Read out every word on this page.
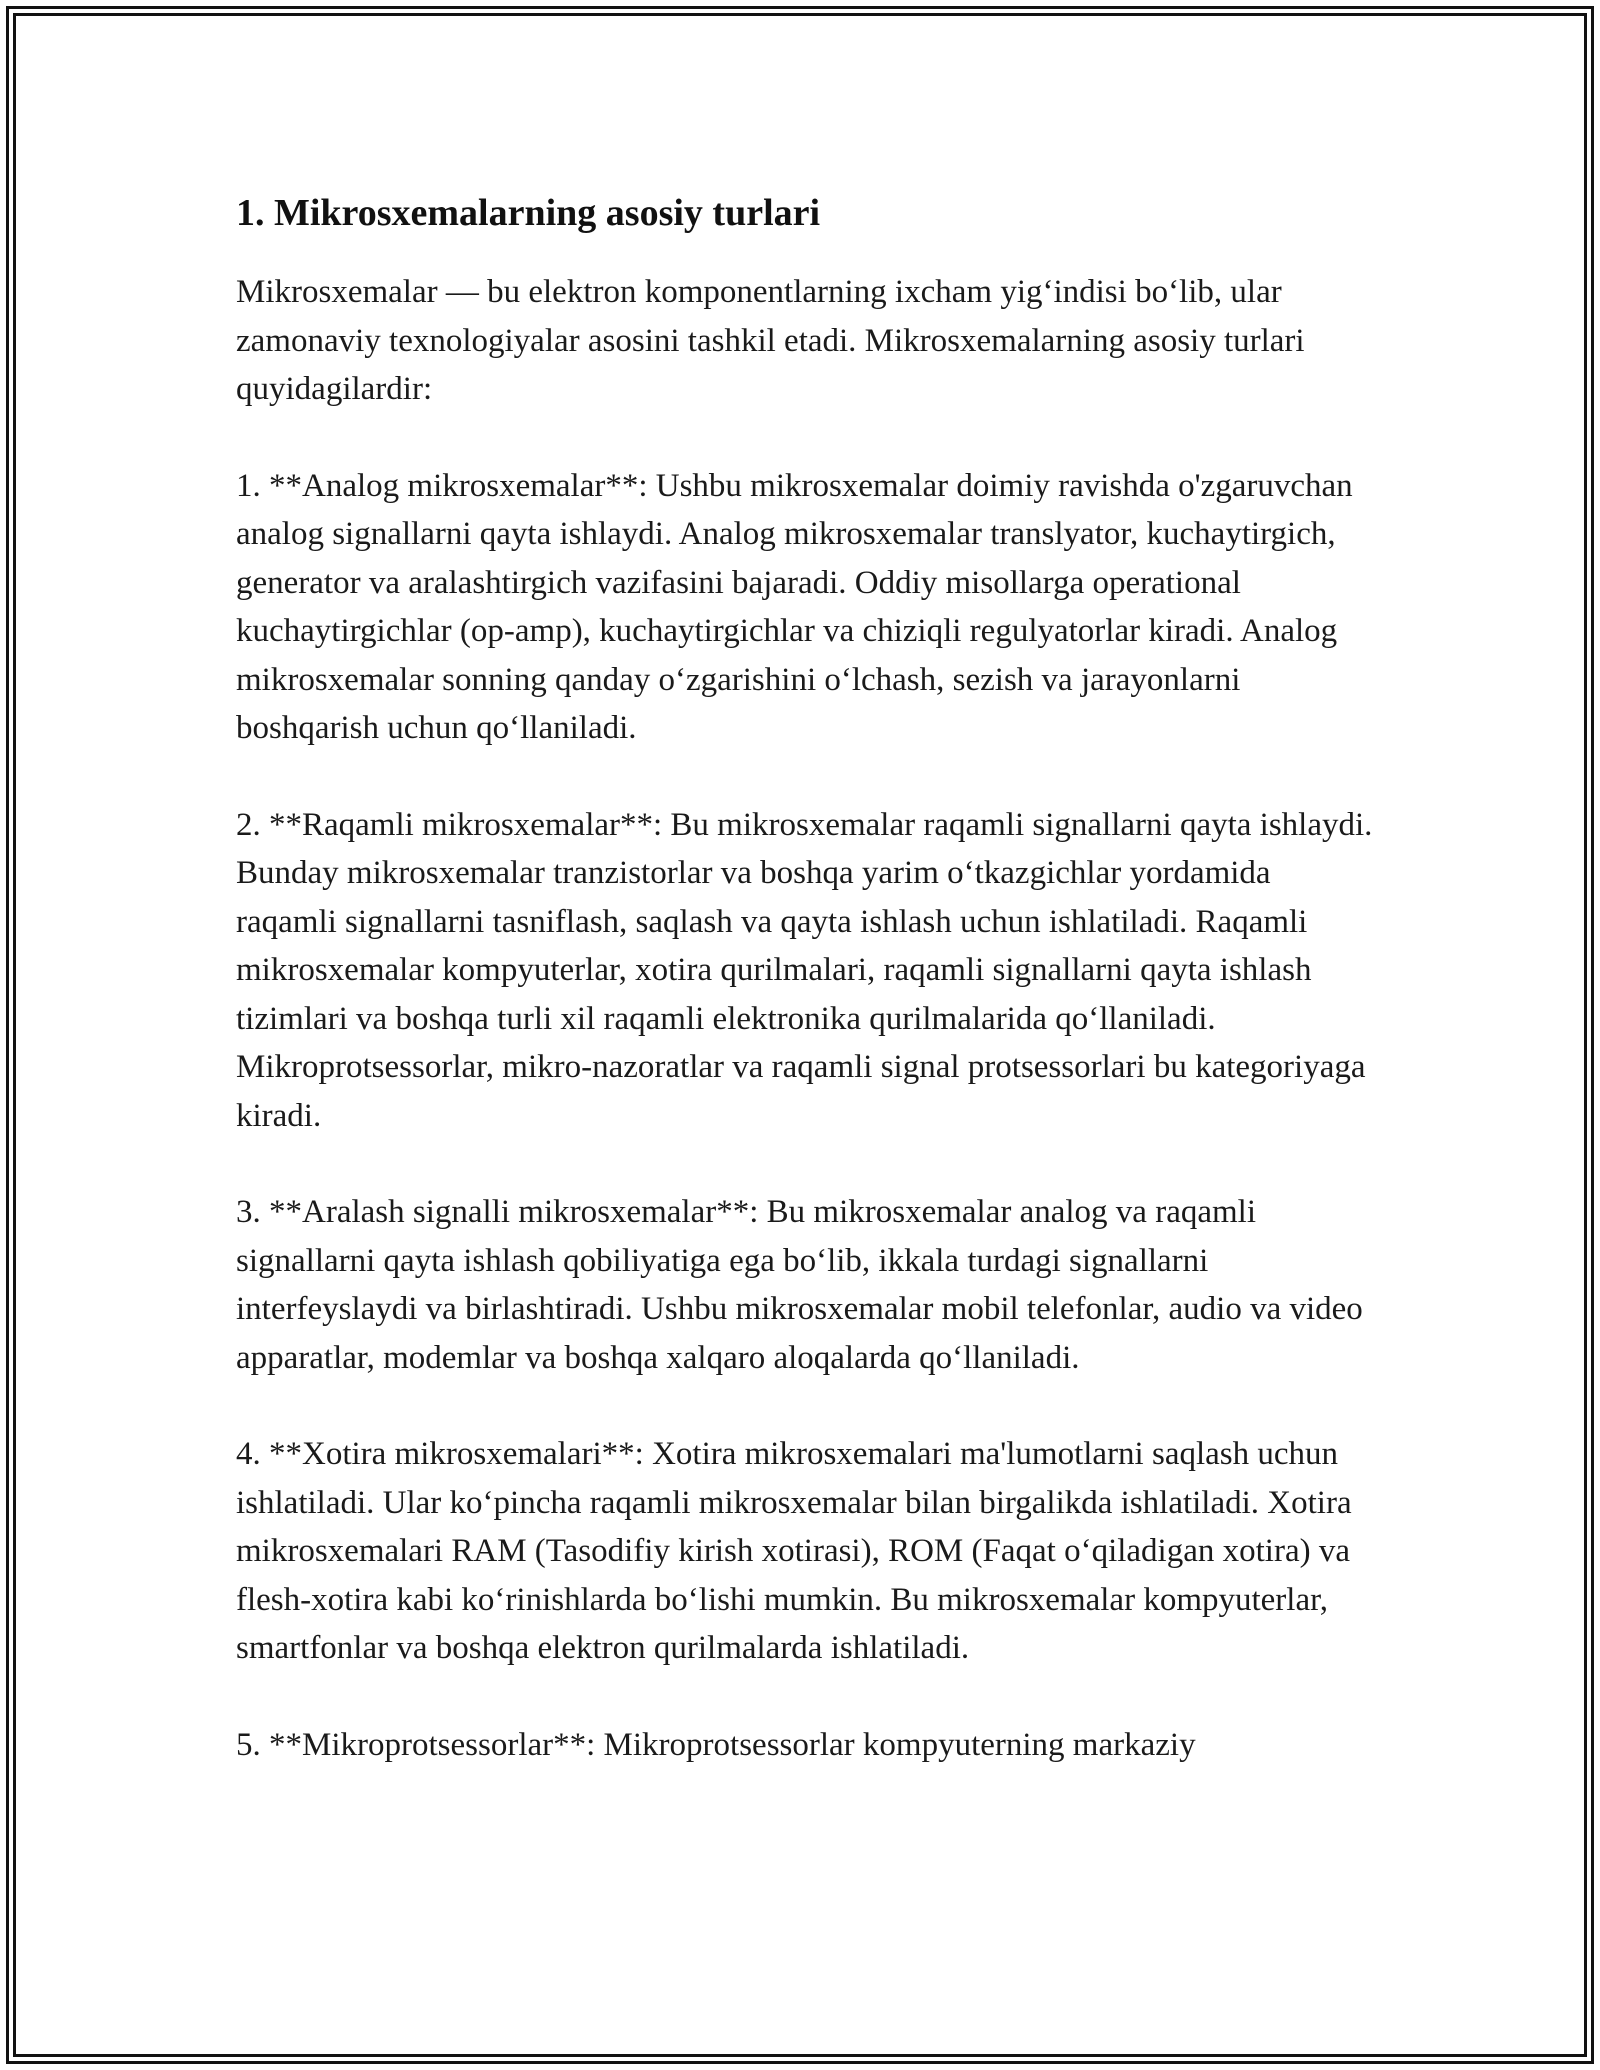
1. Mikrosxemalarning asosiy turlari

Mikrosxemalar — bu elektron komponentlarning ixcham yig‘indisi bo‘lib, ular zamonaviy texnologiyalar asosini tashkil etadi. Mikrosxemalarning asosiy turlari quyidagilardir:

1. **Analog mikrosxemalar**: Ushbu mikrosxemalar doimiy ravishda o'zgaruvchan analog signallarni qayta ishlaydi. Analog mikrosxemalar translyator, kuchaytirgich, generator va aralashtirgich vazifasini bajaradi. Oddiy misollarga operational kuchaytirgichlar (op-amp), kuchaytirgichlar va chiziqli regulyatorlar kiradi. Analog mikrosxemalar sonning qanday o‘zgarishini o‘lchash, sezish va jarayonlarni boshqarish uchun qo‘llaniladi.

2. **Raqamli mikrosxemalar**: Bu mikrosxemalar raqamli signallarni qayta ishlaydi. Bunday mikrosxemalar tranzistorlar va boshqa yarim o‘tkazgichlar yordamida raqamli signallarni tasniflash, saqlash va qayta ishlash uchun ishlatiladi. Raqamli mikrosxemalar kompyuterlar, xotira qurilmalari, raqamli signallarni qayta ishlash tizimlari va boshqa turli xil raqamli elektronika qurilmalarida qo‘llaniladi. Mikroprotsessorlar, mikro-nazoratlar va raqamli signal protsessorlari bu kategoriyaga kiradi.

3. **Aralash signalli mikrosxemalar**: Bu mikrosxemalar analog va raqamli signallarni qayta ishlash qobiliyatiga ega bo‘lib, ikkala turdagi signallarni interfeyslaydi va birlashtiradi. Ushbu mikrosxemalar mobil telefonlar, audio va video apparatlar, modemlar va boshqa xalqaro aloqalarda qo‘llaniladi.

4. **Xotira mikrosxemalari**: Xotira mikrosxemalari ma'lumotlarni saqlash uchun ishlatiladi. Ular ko‘pincha raqamli mikrosxemalar bilan birgalikda ishlatiladi. Xotira mikrosxemalari RAM (Tasodifiy kirish xotirasi), ROM (Faqat o‘qiladigan xotira) va flesh-xotira kabi ko‘rinishlarda bo‘lishi mumkin. Bu mikrosxemalar kompyuterlar, smartfonlar va boshqa elektron qurilmalarda ishlatiladi.

5. **Mikroprotsessorlar**: Mikroprotsessorlar kompyuterning markaziy
